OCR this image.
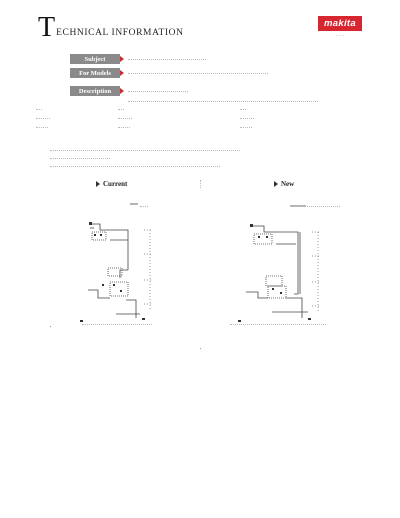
T ECHNICAL INFORMATION
makita
· · ·
Subject
For Models
Description
Current	New
